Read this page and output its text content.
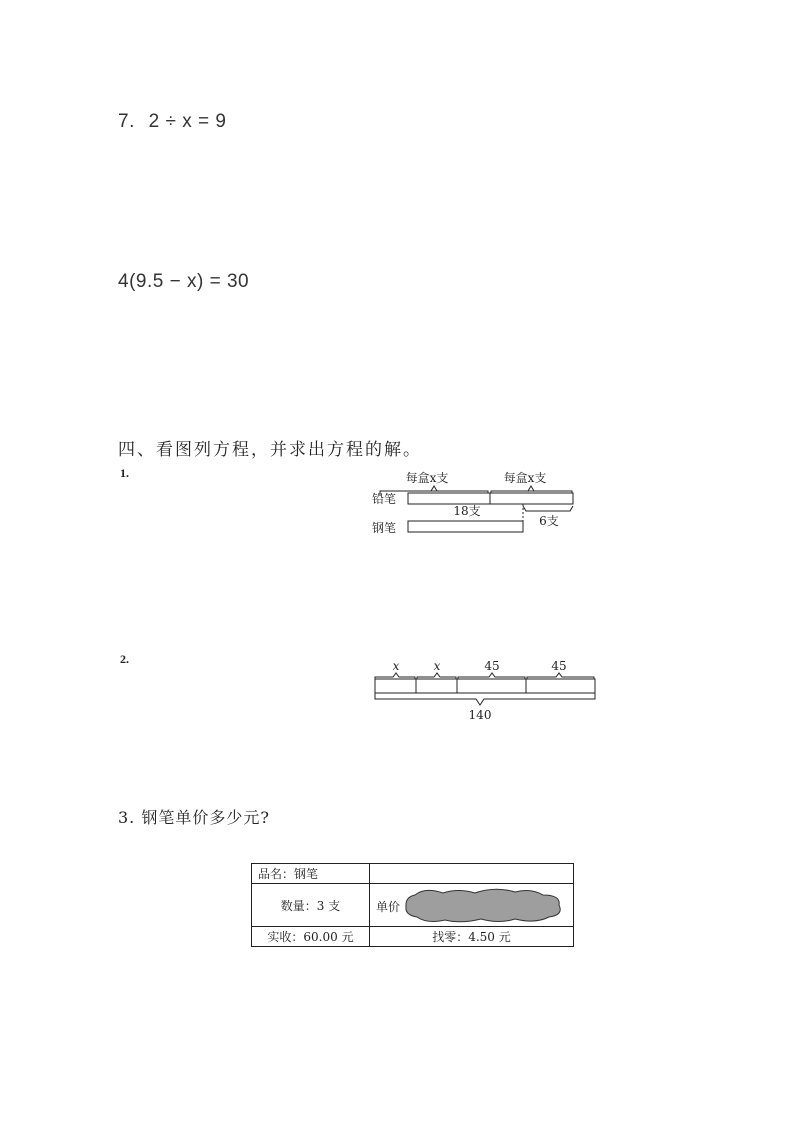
7. 2 ÷ x = 9
4(9.5 − x) = 30
四、看图列方程，并求出方程的解。
1.	每盒x支	每盒x支
铅笔
钢笔
18支
6支
2.	x	x	45	45
140
3. 钢笔单价多少元?
品名：钢笔	
数量：3 支	单价

实收：60.00 元	找零：4.50 元
